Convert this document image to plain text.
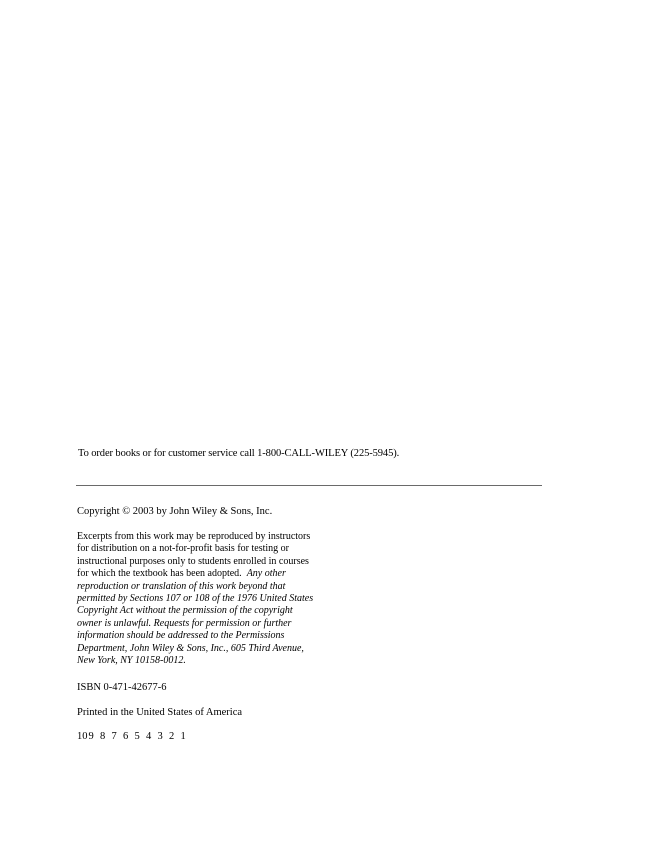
To order books or for customer service call 1-800-CALL-WILEY (225-5945).
Copyright © 2003 by John Wiley & Sons, Inc.
Excerpts from this work may be reproduced by instructors
for distribution on a not-for-profit basis for testing or
instructional purposes only to students enrolled in courses
for which the textbook has been adopted. Any other
reproduction or translation of this work beyond that
permitted by Sections 107 or 108 of the 1976 United States
Copyright Act without the permission of the copyright
owner is unlawful. Requests for permission or further
information should be addressed to the Permissions
Department, John Wiley & Sons, Inc., 605 Third Avenue,
New York, NY 10158-0012.
ISBN 0-471-42677-6
Printed in the United States of America
109 8 7 6 5 4 3 2 1
